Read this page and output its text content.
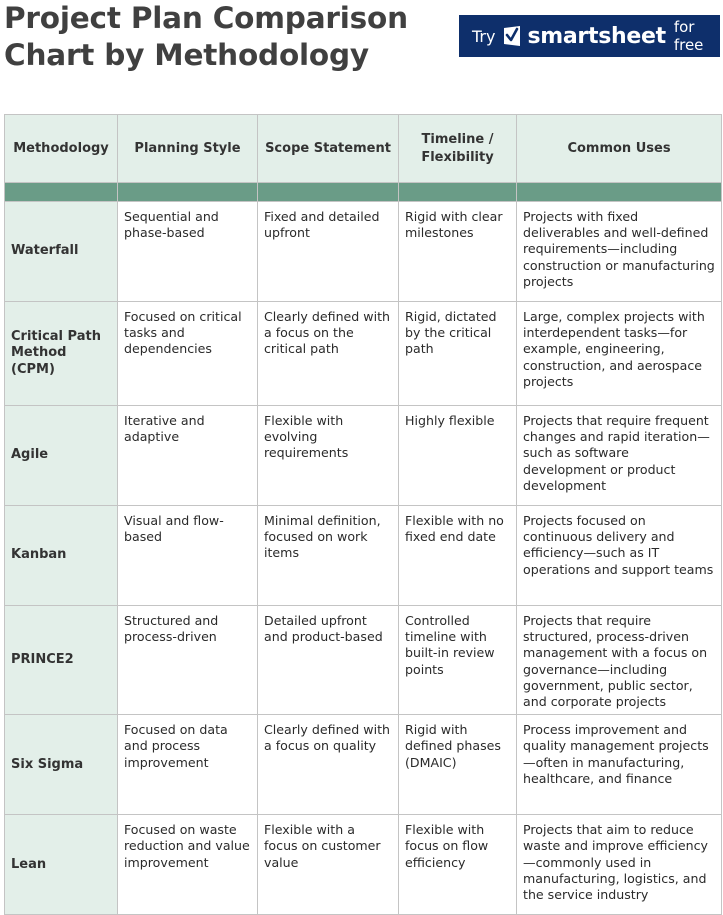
Project Plan Comparison Chart by Methodology
Try smartsheet for free
Methodology	Planning Style	Scope Statement	Timeline / Flexibility	Common Uses

Waterfall	Sequential and phase-based	Fixed and detailed upfront	Rigid with clear milestones	Projects with fixed deliverables and well-defined requirements—including construction or manufacturing projects
Critical Path Method (CPM)	Focused on critical tasks and dependencies	Clearly defined with a focus on the critical path	Rigid, dictated by the critical path	Large, complex projects with interdependent tasks—for example, engineering, construction, and aerospace projects
Agile	Iterative and adaptive	Flexible with evolving requirements	Highly flexible	Projects that require frequent changes and rapid iteration—such as software development or product development
Kanban	Visual and flow-based	Minimal definition, focused on work items	Flexible with no fixed end date	Projects focused on continuous delivery and efficiency—such as IT operations and support teams
PRINCE2	Structured and process-driven	Detailed upfront and product-based	Controlled timeline with built-in review points	Projects that require structured, process-driven management with a focus on governance—including government, public sector, and corporate projects
Six Sigma	Focused on data and process improvement	Clearly defined with a focus on quality	Rigid with defined phases (DMAIC)	Process improvement and quality management projects—often in manufacturing, healthcare, and finance
Lean	Focused on waste reduction and value improvement	Flexible with a focus on customer value	Flexible with focus on flow efficiency	Projects that aim to reduce waste and improve efficiency—commonly used in manufacturing, logistics, and the service industry
